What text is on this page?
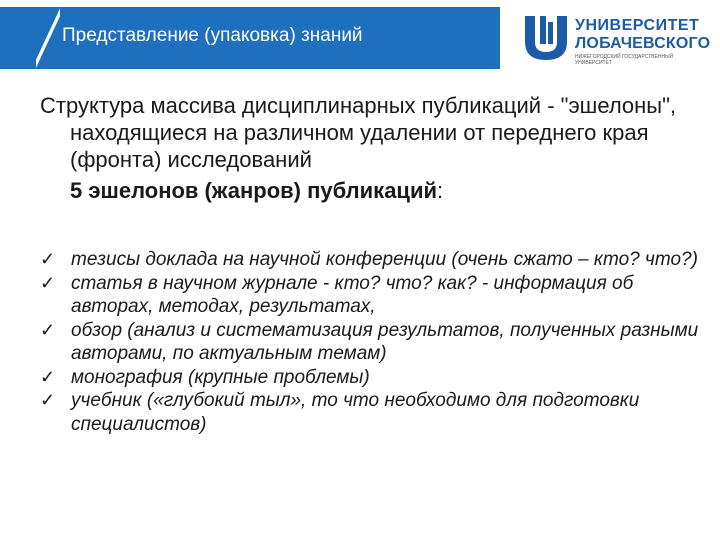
Представление (упаковка) знаний	УНИВЕРСИТЕТ
ЛОБАЧЕВСКОГО
НИЖЕГОРОДСКИЙ ГОСУДАРСТВЕННЫЙ УНИВЕРСИТЕТ

Структура массива дисциплинарных публикаций - "эшелоны", находящиеся на различном удалении от переднего края (фронта) исследований

5 эшелонов (жанров) публикаций:

✓ тезисы доклада на научной конференции (очень сжато – кто? что?)
✓ статья в научном журнале - кто? что? как? - информация об авторах, методах, результатах,
✓ обзор (анализ и систематизация результатов, полученных разными авторами, по актуальным темам)
✓ монография (крупные проблемы)
✓ учебник («глубокий тыл», то что необходимо для подготовки специалистов)
